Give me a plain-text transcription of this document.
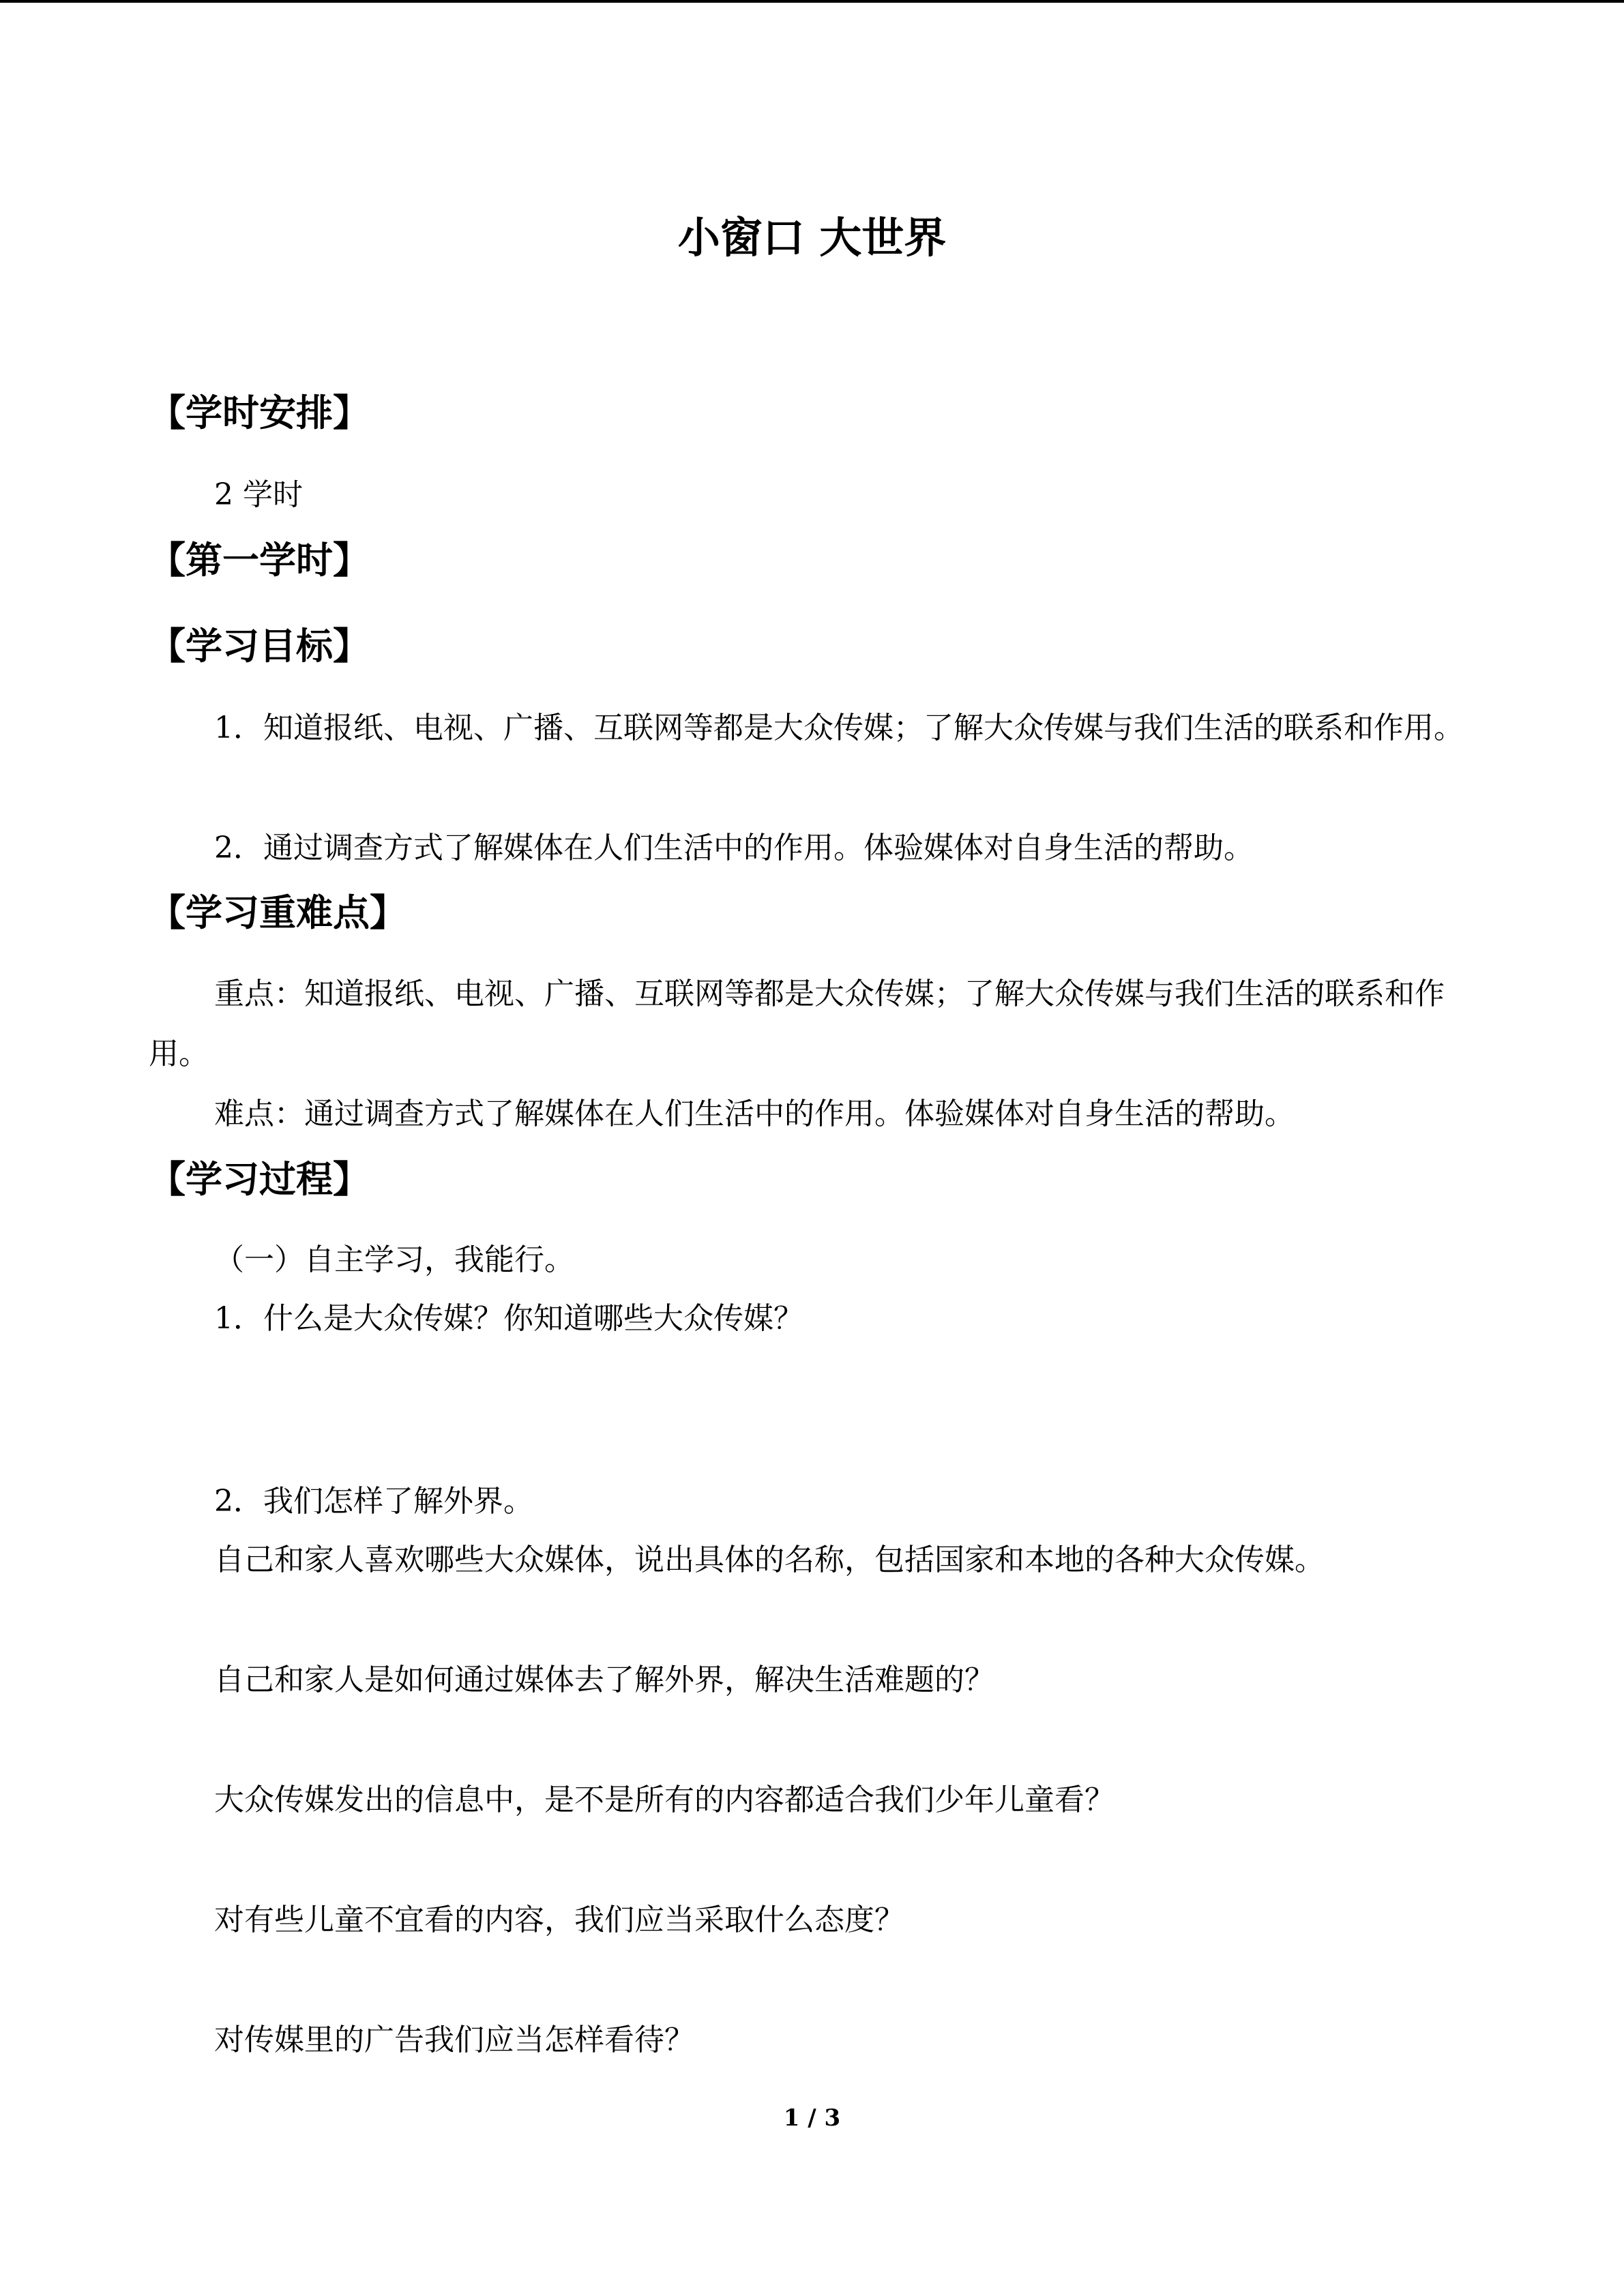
小窗口 大世界
【学时安排】
2 学时
【第一学时】
【学习目标】

1．知道报纸、电视、广播、互联网等都是大众传媒；了解大众传媒与我们生活的联系和作用。

2．通过调查方式了解媒体在人们生活中的作用。体验媒体对自身生活的帮助。
【学习重难点】

重点：知道报纸、电视、广播、互联网等都是大众传媒；了解大众传媒与我们生活的联系和作用。

难点：通过调查方式了解媒体在人们生活中的作用。体验媒体对自身生活的帮助。
【学习过程】
（一）自主学习，我能行。
1．什么是大众传媒？你知道哪些大众传媒？
2．我们怎样了解外界。
自己和家人喜欢哪些大众媒体，说出具体的名称，包括国家和本地的各种大众传媒。
自己和家人是如何通过媒体去了解外界，解决生活难题的？
大众传媒发出的信息中，是不是所有的内容都适合我们少年儿童看？
对有些儿童不宜看的内容，我们应当采取什么态度？
对传媒里的广告我们应当怎样看待？
1 / 3
